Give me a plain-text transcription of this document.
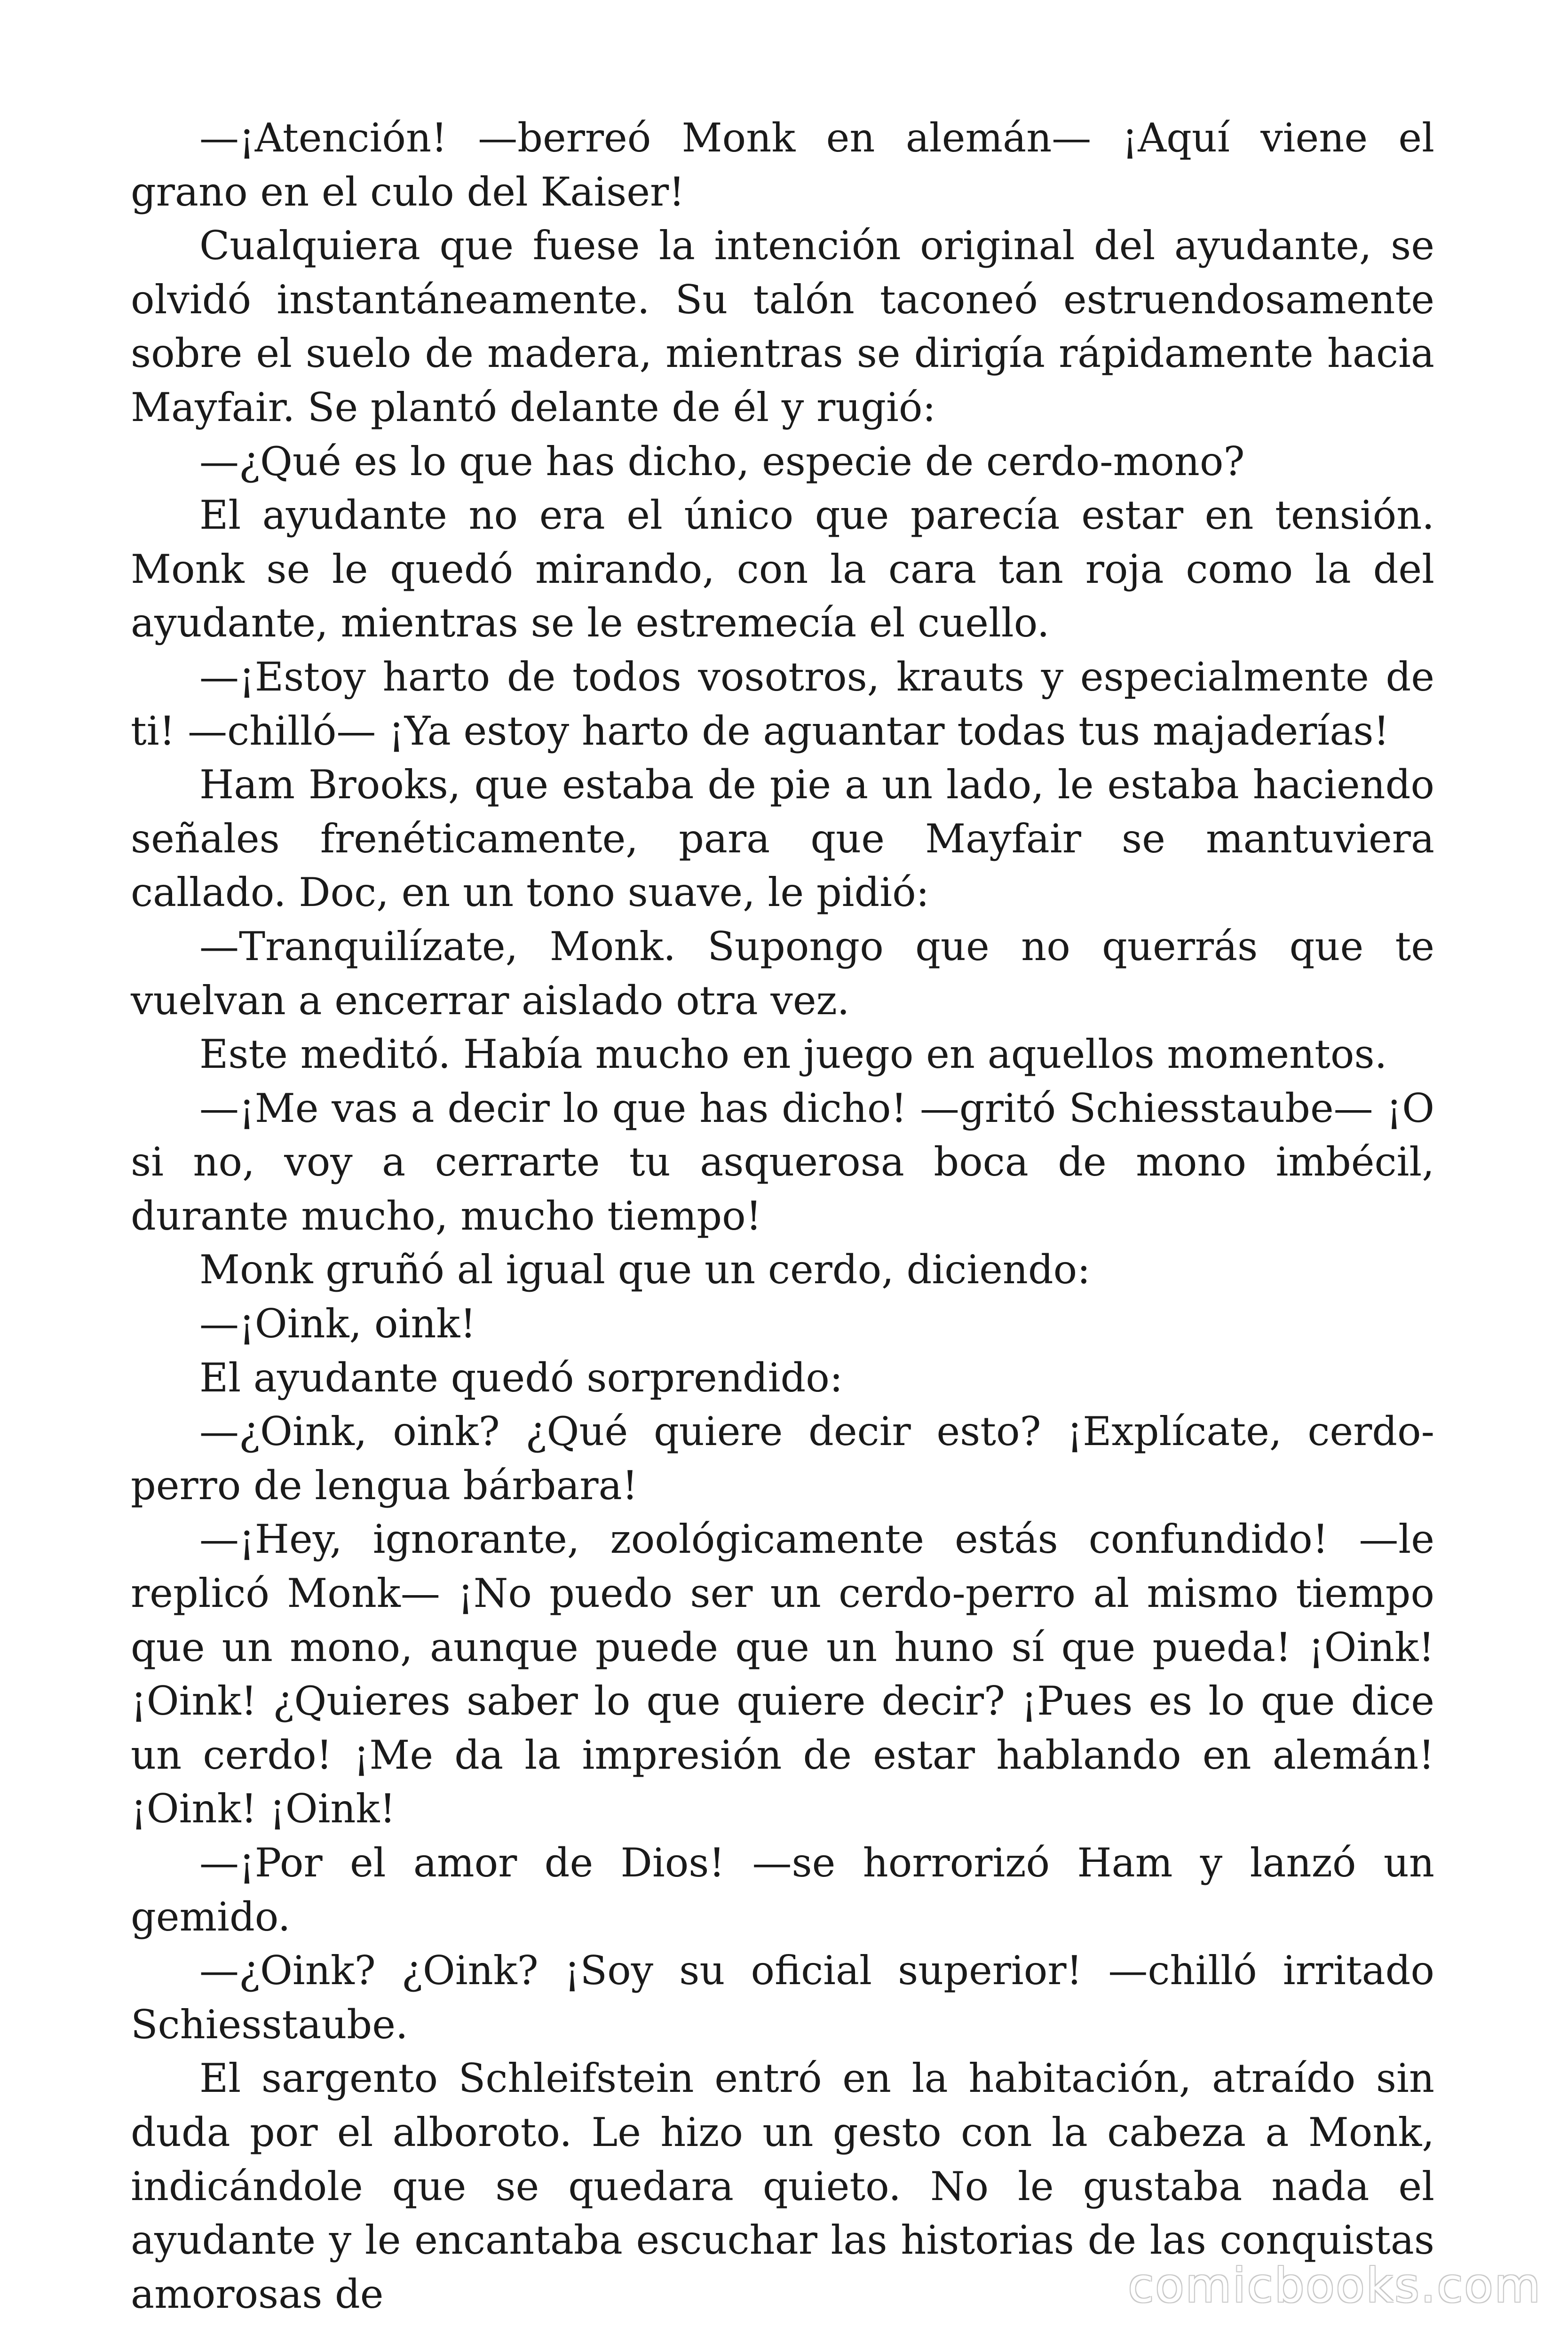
—¡Atención! —berreó Monk en alemán— ¡Aquí viene el grano en el culo del Kaiser!

Cualquiera que fuese la intención original del ayudante, se olvidó instantáneamente. Su talón taconeó estruendosamente sobre el suelo de madera, mientras se dirigía rápidamente hacia Mayfair. Se plantó delante de él y rugió:

—¿Qué es lo que has dicho, especie de cerdo-mono?

El ayudante no era el único que parecía estar en tensión. Monk se le quedó mirando, con la cara tan roja como la del ayudante, mientras se le estremecía el cuello.

—¡Estoy harto de todos vosotros, krauts y especialmente de ti! —chilló— ¡Ya estoy harto de aguantar todas tus majaderías!

Ham Brooks, que estaba de pie a un lado, le estaba haciendo señales frenéticamente, para que Mayfair se mantuviera callado. Doc, en un tono suave, le pidió:

—Tranquilízate, Monk. Supongo que no querrás que te vuelvan a encerrar aislado otra vez.

Este meditó. Había mucho en juego en aquellos momentos.

—¡Me vas a decir lo que has dicho! —gritó Schiesstaube— ¡O si no, voy a cerrarte tu asquerosa boca de mono imbécil, durante mucho, mucho tiempo!

Monk gruñó al igual que un cerdo, diciendo:

—¡Oink, oink!

El ayudante quedó sorprendido:

—¿Oink, oink? ¿Qué quiere decir esto? ¡Explícate, cerdo-perro de lengua bárbara!

—¡Hey, ignorante, zoológicamente estás confundido! —le replicó Monk— ¡No puedo ser un cerdo-perro al mismo tiempo que un mono, aunque puede que un huno sí que pueda! ¡Oink! ¡Oink! ¿Quieres saber lo que quiere decir? ¡Pues es lo que dice un cerdo! ¡Me da la impresión de estar hablando en alemán! ¡Oink! ¡Oink!

—¡Por el amor de Dios! —se horrorizó Ham y lanzó un gemido.

—¿Oink? ¿Oink? ¡Soy su oficial superior! —chilló irritado Schiesstaube.

El sargento Schleifstein entró en la habitación, atraído sin duda por el alboroto. Le hizo un gesto con la cabeza a Monk, indicándole que se quedara quieto. No le gustaba nada el ayudante y le encantaba escuchar las historias de las conquistas amorosas de	comicbooks.com
